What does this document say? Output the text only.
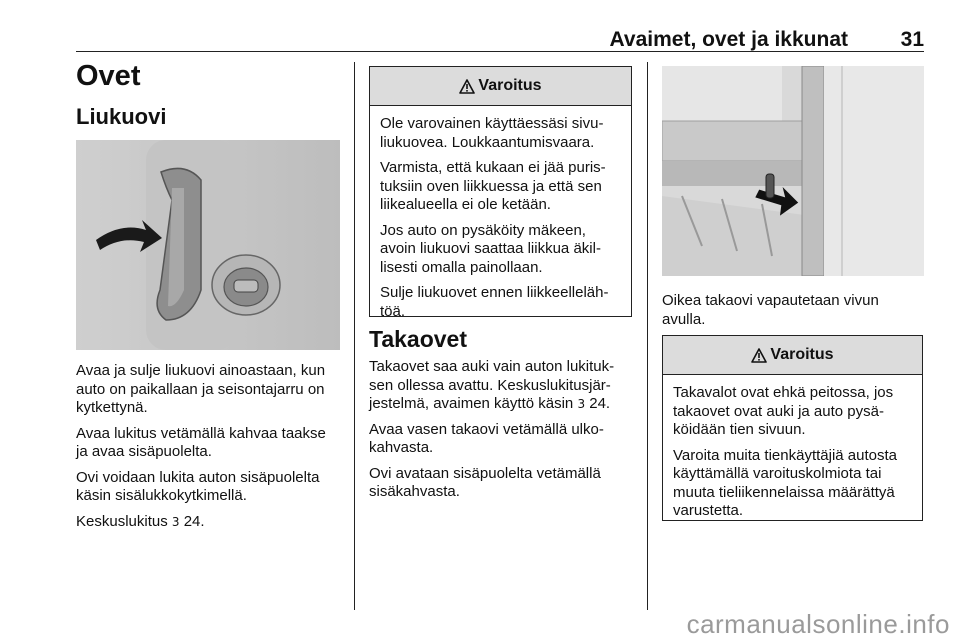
Avaimet, ovet ja ikkunat	31
Ovet
Liukuovi

Avaa ja sulje liukuovi ainoastaan, kun auto on paikallaan ja seisontajarru on kytkettynä.

Avaa lukitus vetämällä kahvaa taakse ja avaa sisäpuolelta.

Ovi voidaan lukita auton sisäpuolelta käsin sisälukkokytkimellä.

Keskuslukitus 3 24.

Varoitus

Ole varovainen käyttäessäsi sivuliukuovea. Loukkaantumisvaara.

Varmista, että kukaan ei jää puristuksiin oven liikkuessa ja että sen liikealueella ei ole ketään.

Jos auto on pysäköity mäkeen, avoin liukuovi saattaa liikkua äkillisesti omalla painollaan.

Sulje liukuovet ennen liikkeellelähtöä.

Takaovet

Takaovet saa auki vain auton lukituksen ollessa avattu. Keskuslukitusjärjestelmä, avaimen käyttö käsin 3 24.

Avaa vasen takaovi vetämällä ulkokahvasta.

Ovi avataan sisäpuolelta vetämällä sisäkahvasta.

Oikea takaovi vapautetaan vivun avulla.

Varoitus

Takavalot ovat ehkä peitossa, jos takaovet ovat auki ja auto pysäköidään tien sivuun.

Varoita muita tienkäyttäjiä autosta käyttämällä varoituskolmiota tai muuta tieliikennelaissa määrättyä varustetta.

carmanualsonline.info
